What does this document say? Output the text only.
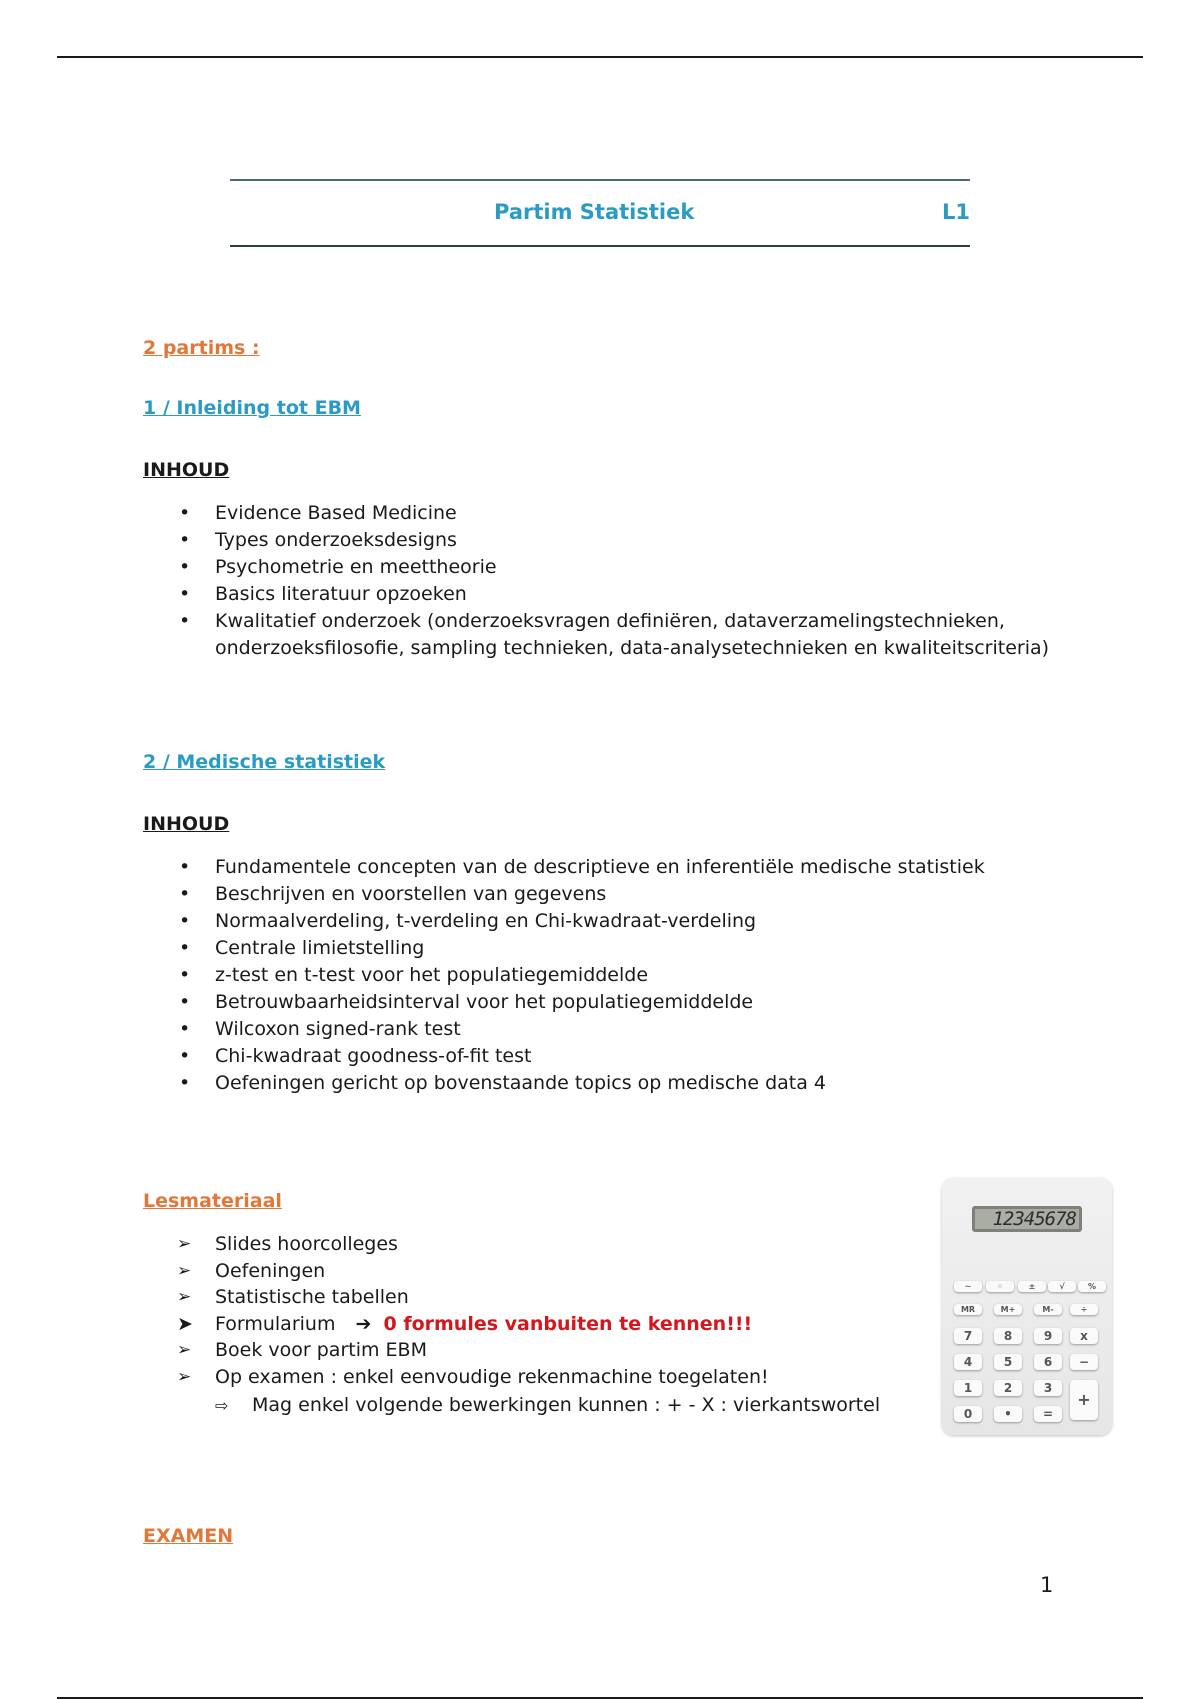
Partim Statistiek	L1
2 partims :
1 / Inleiding tot EBM
INHOUD
• Evidence Based Medicine
• Types onderzoeksdesigns
• Psychometrie en meettheorie
• Basics literatuur opzoeken
• Kwalitatief onderzoek (onderzoeksvragen definiëren, dataverzamelingstechnieken, onderzoeksfilosofie, sampling technieken, data-analysetechnieken en kwaliteitscriteria)
2 / Medische statistiek
INHOUD
• Fundamentele concepten van de descriptieve en inferentiële medische statistiek
• Beschrijven en voorstellen van gegevens
• Normaalverdeling, t-verdeling en Chi-kwadraat-verdeling
• Centrale limietstelling
• z-test en t-test voor het populatiegemiddelde
• Betrouwbaarheidsinterval voor het populatiegemiddelde
• Wilcoxon signed-rank test
• Chi-kwadraat goodness-of-fit test
• Oefeningen gericht op bovenstaande topics op medische data 4
Lesmateriaal
➢ Slides hoorcolleges
➢ Oefeningen
➢ Statistische tabellen
➤ Formularium ➔ 0 formules vanbuiten te kennen!!!
➢ Boek voor partim EBM
➢ Op examen : enkel eenvoudige rekenmachine toegelaten!
⇨ Mag enkel volgende bewerkingen kunnen : + - X : vierkantswortel
12345678
~	◦	±	√	%
MR	M+	M-	÷
7	8	9	x
4	5	6	−
1	2	3
+
0	•	=
EXAMEN
1
